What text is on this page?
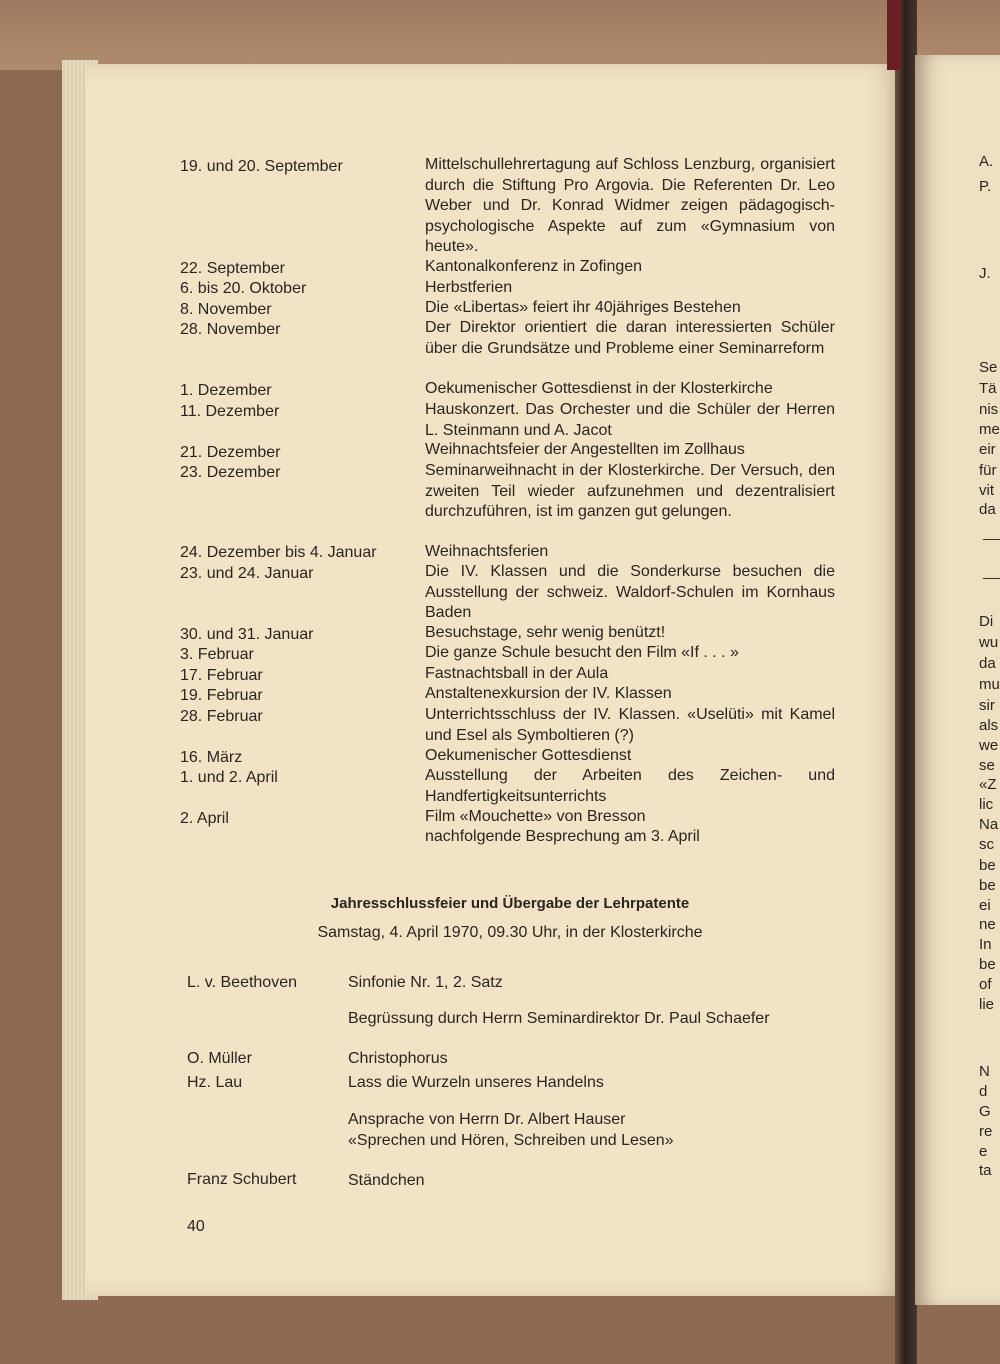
19. und 20. September	Mittelschullehrertagung auf Schloss Lenzburg, organisiert durch die Stiftung Pro Argovia. Die Referenten Dr. Leo Weber und Dr. Konrad Widmer zeigen pädagogisch-psychologische Aspekte auf zum «Gymnasium von heute».
22. September	Kantonalkonferenz in Zofingen
6. bis 20. Oktober	Herbstferien
8. November	Die «Libertas» feiert ihr 40jähriges Bestehen
28. November	Der Direktor orientiert die daran interessierten Schüler über die Grundsätze und Probleme einer Seminarreform
1. Dezember	Oekumenischer Gottesdienst in der Klosterkirche
11. Dezember	Hauskonzert. Das Orchester und die Schüler der Herren L. Steinmann und A. Jacot
21. Dezember	Weihnachtsfeier der Angestellten im Zollhaus
23. Dezember	Seminarweihnacht in der Klosterkirche. Der Versuch, den zweiten Teil wieder aufzunehmen und dezentralisiert durchzuführen, ist im ganzen gut gelungen.
24. Dezember bis 4. Januar	Weihnachtsferien
23. und 24. Januar	Die IV. Klassen und die Sonderkurse besuchen die Ausstellung der schweiz. Waldorf-Schulen im Kornhaus Baden
30. und 31. Januar	Besuchstage, sehr wenig benützt!
3. Februar	Die ganze Schule besucht den Film «If . . . »
17. Februar	Fastnachtsball in der Aula
19. Februar	Anstaltenexkursion der IV. Klassen
28. Februar	Unterrichtsschluss der IV. Klassen. «Uselüti» mit Kamel und Esel als Symboltieren (?)
16. März	Oekumenischer Gottesdienst
1. und 2. April	Ausstellung der Arbeiten des Zeichen- und Handfertigkeitsunterrichts
2. April	Film «Mouchette» von Bresson
nachfolgende Besprechung am 3. April
Jahresschlussfeier und Übergabe der Lehrpatente
Samstag, 4. April 1970, 09.30 Uhr, in der Klosterkirche
L. v. Beethoven	Sinfonie Nr. 1, 2. Satz
Begrüssung durch Herrn Seminardirektor Dr. Paul Schaefer
O. Müller	Christophorus
Hz. Lau	Lass die Wurzeln unseres Handelns
Ansprache von Herrn Dr. Albert Hauser
«Sprechen und Hören, Schreiben und Lesen»
Franz Schubert	Ständchen
40
A.
P.
J.
Se
Tä
nis
me
eir
für
vit
da
Di
wu
da
mu
sir
als
we
se
«Z
lic
Na
sc
be
be
ei
ne
In
be
of
lie
N
d
G
re
e
ta
